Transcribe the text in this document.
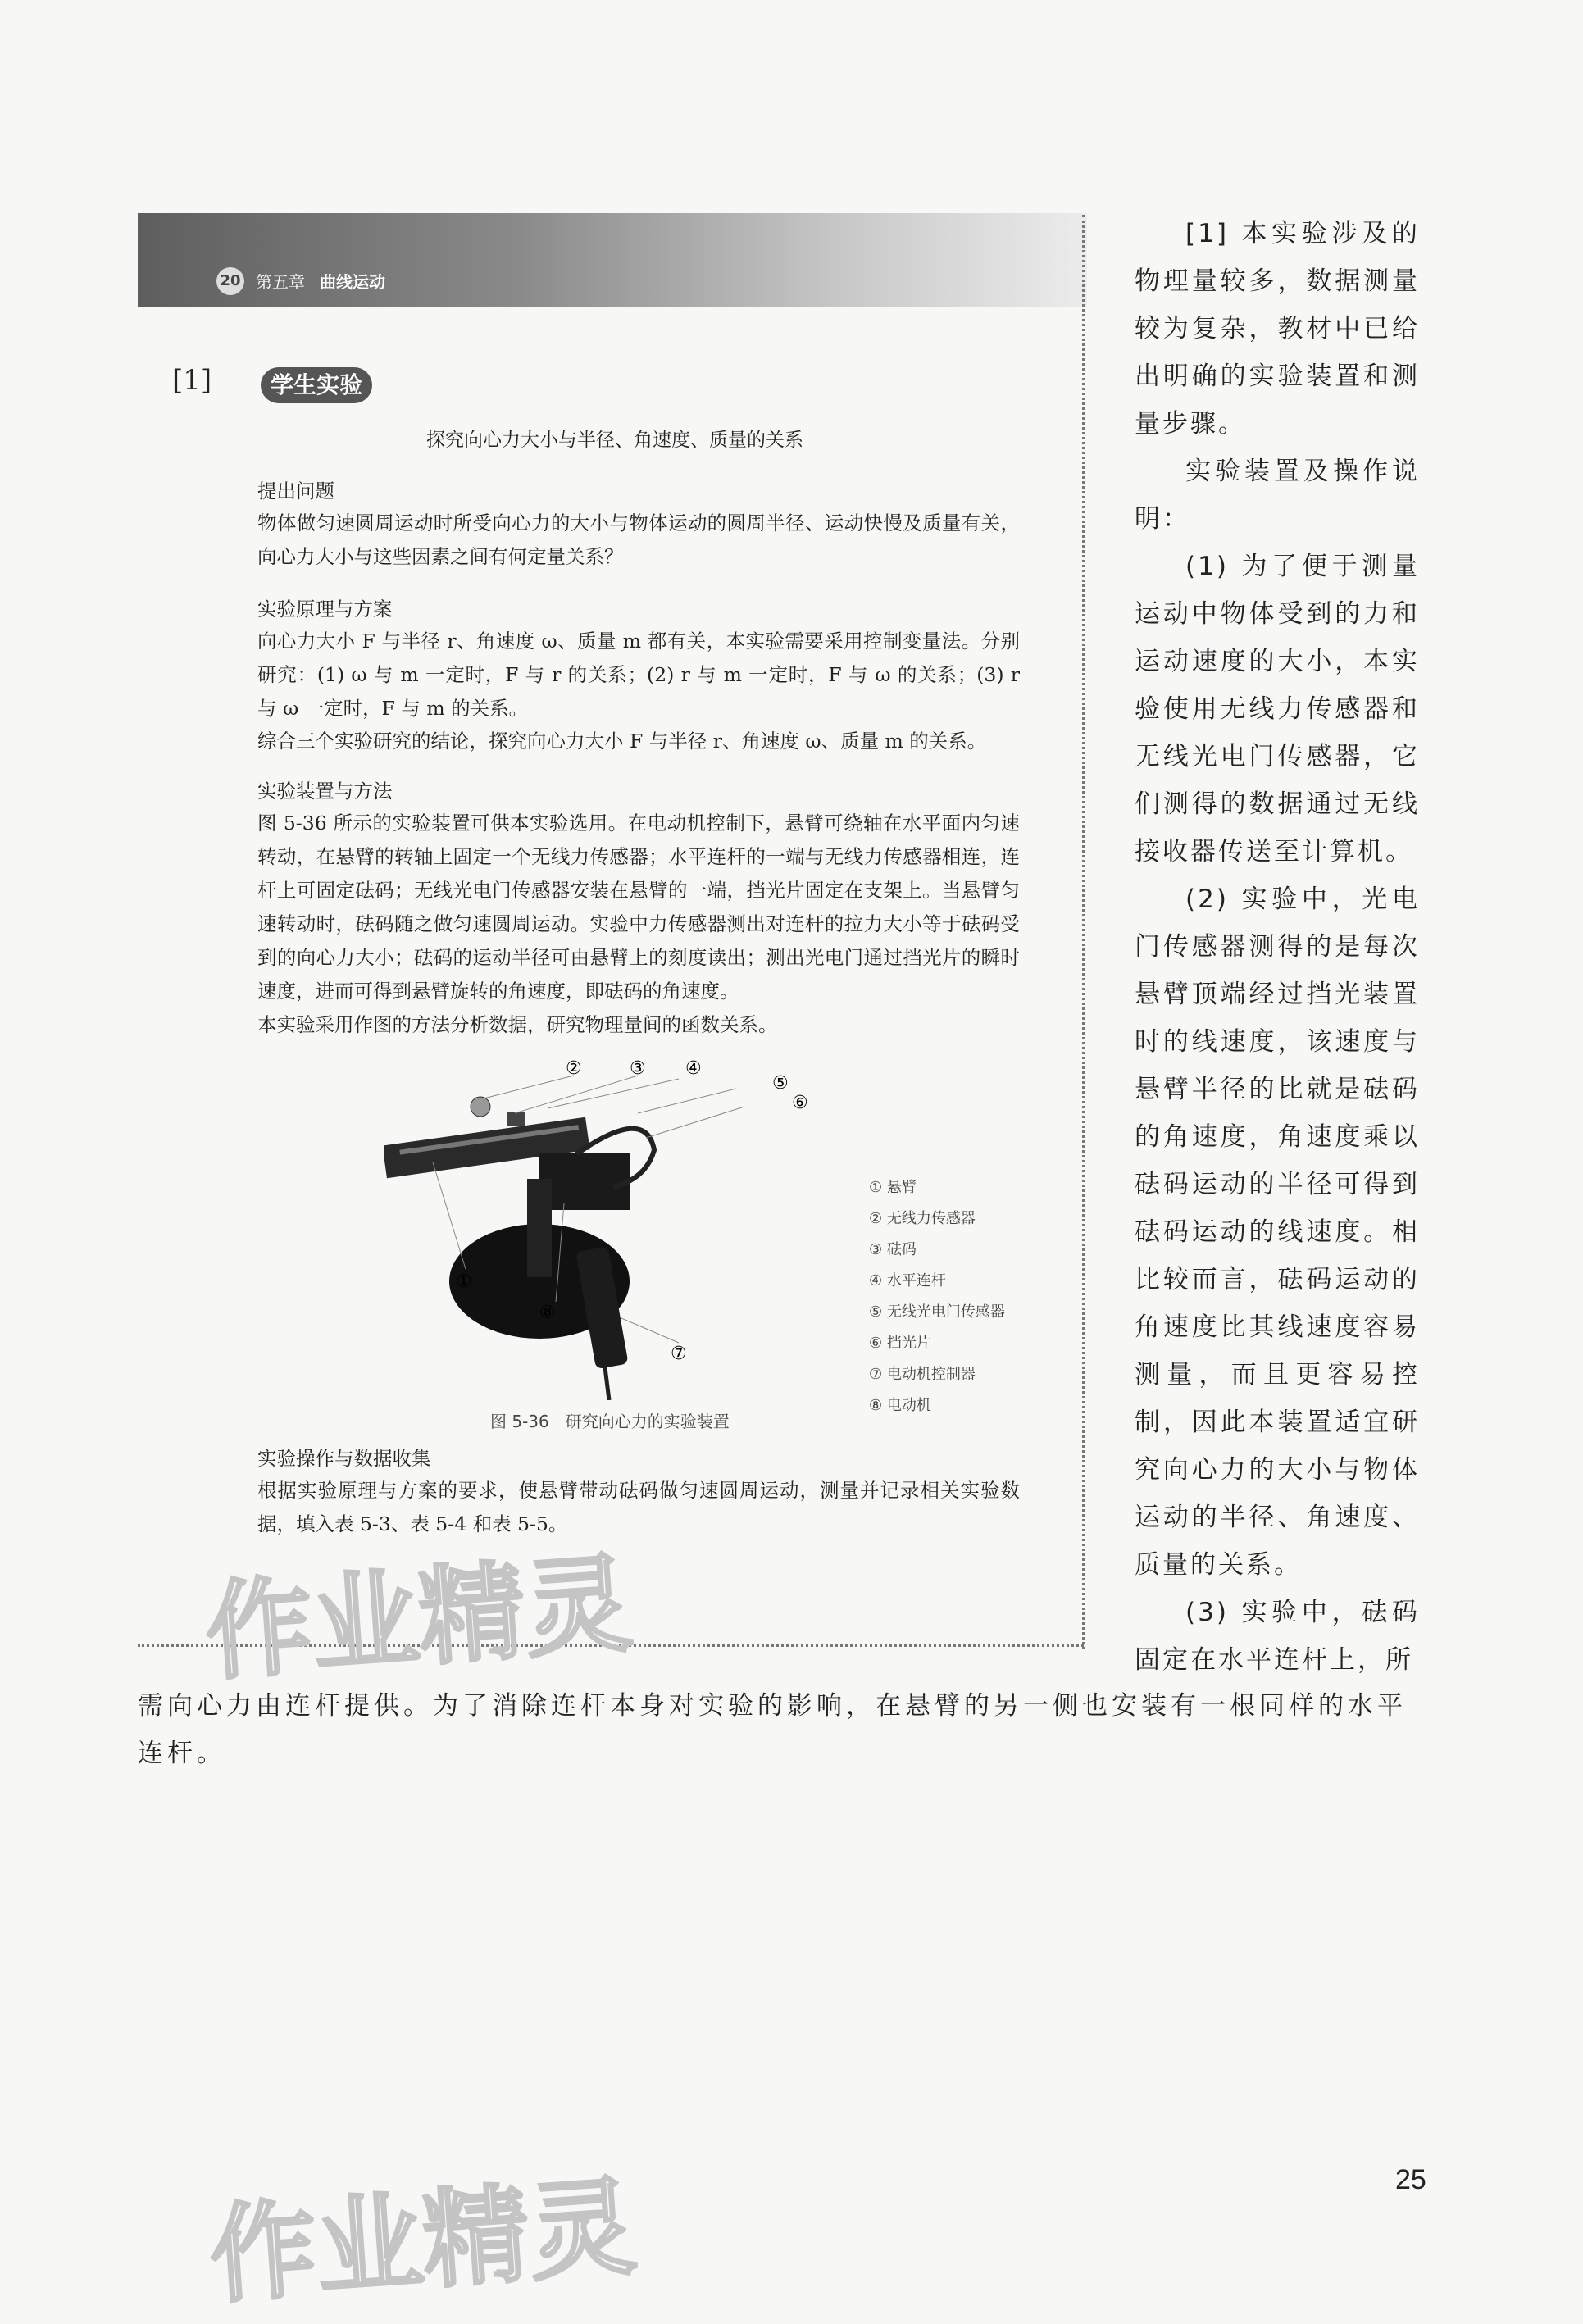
20 第五章 曲线运动
[1]	学生实验
探究向心力大小与半径、角速度、质量的关系
提出问题
物体做匀速圆周运动时所受向心力的大小与物体运动的圆周半径、运动快慢及质量有关，向心力大小与这些因素之间有何定量关系？
实验原理与方案
向心力大小 F 与半径 r、角速度 ω、质量 m 都有关，本实验需要采用控制变量法。分别研究：(1) ω 与 m 一定时，F 与 r 的关系；(2) r 与 m 一定时，F 与 ω 的关系；(3) r 与 ω 一定时，F 与 m 的关系。
综合三个实验研究的结论，探究向心力大小 F 与半径 r、角速度 ω、质量 m 的关系。
实验装置与方法
图 5-36 所示的实验装置可供本实验选用。在电动机控制下，悬臂可绕轴在水平面内匀速转动，在悬臂的转轴上固定一个无线力传感器；水平连杆的一端与无线力传感器相连，连杆上可固定砝码；无线光电门传感器安装在悬臂的一端，挡光片固定在支架上。当悬臂匀速转动时，砝码随之做匀速圆周运动。实验中力传感器测出对连杆的拉力大小等于砝码受到的向心力大小；砝码的运动半径可由悬臂上的刻度读出；测出光电门通过挡光片的瞬时速度，进而可得到悬臂旋转的角速度，即砝码的角速度。
本实验采用作图的方法分析数据，研究物理量间的函数关系。
②	③ ④
⑤
⑥
①
⑧
⑦
① 悬臂
② 无线力传感器
③ 砝码
④ 水平连杆
⑤ 无线光电门传感器
⑥ 挡光片
⑦ 电动机控制器
⑧ 电动机
图 5-36　研究向心力的实验装置
实验操作与数据收集
根据实验原理与方案的要求，使悬臂带动砝码做匀速圆周运动，测量并记录相关实验数据，填入表 5-3、表 5-4 和表 5-5。

[1] 本实验涉及的物理量较多，数据测量较为复杂，教材中已给出明确的实验装置和测量步骤。

实验装置及操作说明：

(1) 为了便于测量运动中物体受到的力和运动速度的大小，本实验使用无线力传感器和无线光电门传感器，它们测得的数据通过无线接收器传送至计算机。

(2) 实验中，光电门传感器测得的是每次悬臂顶端经过挡光装置时的线速度，该速度与悬臂半径的比就是砝码的角速度，角速度乘以砝码运动的半径可得到砝码运动的线速度。相比较而言，砝码运动的角速度比其线速度容易测量，而且更容易控制，因此本装置适宜研究向心力的大小与物体运动的半径、角速度、质量的关系。

(3) 实验中，砝码固定在水平连杆上，所

需向心力由连杆提供。为了消除连杆本身对实验的影响，在悬臂的另一侧也安装有一根同样的水平连杆。
作业精灵
作业精灵	25
